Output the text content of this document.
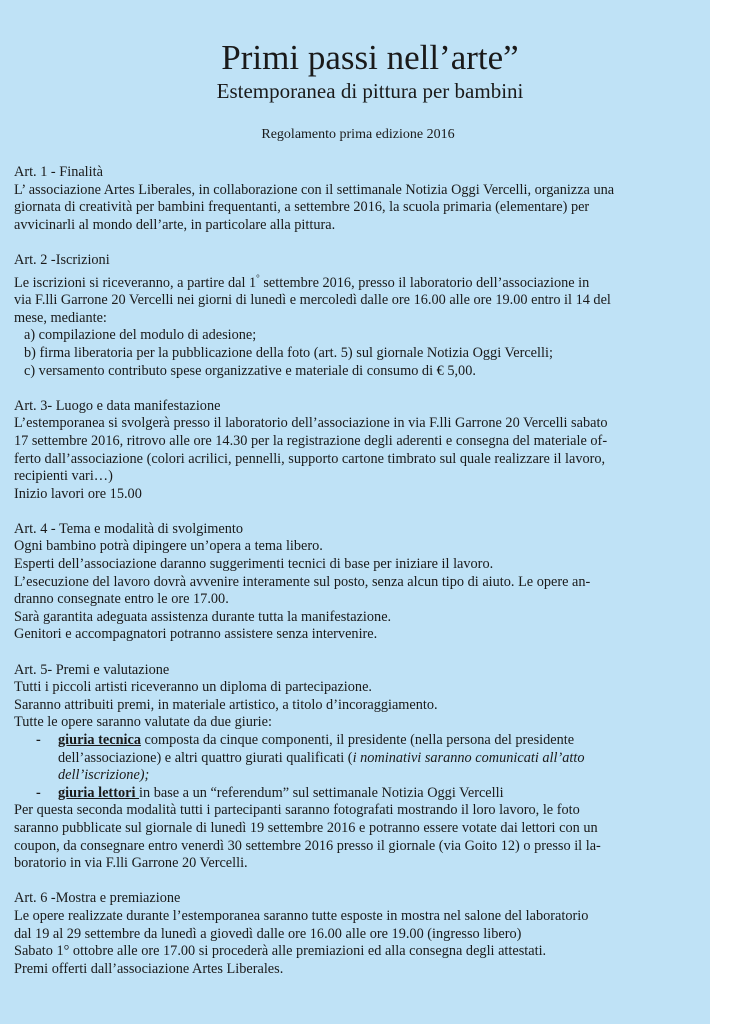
Primi passi nell’arte”
Estemporanea di pittura per bambini
Regolamento prima edizione 2016
Art. 1 - Finalità
L’ associazione Artes Liberales, in collaborazione con il settimanale Notizia Oggi Vercelli, organizza una
giornata di creatività per bambini frequentanti, a settembre 2016, la scuola primaria (elementare) per
avvicinarli al mondo dell’arte, in particolare alla pittura.
Art. 2 -Iscrizioni
Le iscrizioni si riceveranno, a partire dal 1° settembre 2016, presso il laboratorio dell’associazione in
via F.lli Garrone 20 Vercelli nei giorni di lunedì e mercoledì dalle ore 16.00 alle ore 19.00 entro il 14 del
mese, mediante:
a) compilazione del modulo di adesione;
b) firma liberatoria per la pubblicazione della foto (art. 5) sul giornale Notizia Oggi Vercelli;
c) versamento contributo spese organizzative e materiale di consumo di € 5,00.
Art. 3- Luogo e data manifestazione
L’estemporanea si svolgerà presso il laboratorio dell’associazione in via F.lli Garrone 20 Vercelli sabato
17 settembre 2016, ritrovo alle ore 14.30 per la registrazione degli aderenti e consegna del materiale of-
ferto dall’associazione (colori acrilici, pennelli, supporto cartone timbrato sul quale realizzare il lavoro,
recipienti vari…)
Inizio lavori ore 15.00
Art. 4 - Tema e modalità di svolgimento
Ogni bambino potrà dipingere un’opera a tema libero.
Esperti dell’associazione daranno suggerimenti tecnici di base per iniziare il lavoro.
L’esecuzione del lavoro dovrà avvenire interamente sul posto, senza alcun tipo di aiuto. Le opere an-
dranno consegnate entro le ore 17.00.
Sarà garantita adeguata assistenza durante tutta la manifestazione.
Genitori e accompagnatori potranno assistere senza intervenire.
Art. 5- Premi e valutazione
Tutti i piccoli artisti riceveranno un diploma di partecipazione.
Saranno attribuiti premi, in materiale artistico, a titolo d’incoraggiamento.
Tutte le opere saranno valutate da due giurie:
- giuria tecnica composta da cinque componenti, il presidente (nella persona del presidente
dell’associazione) e altri quattro giurati qualificati (i nominativi saranno comunicati all’atto
dell’iscrizione);
- giuria lettori in base a un “referendum” sul settimanale Notizia Oggi Vercelli
Per questa seconda modalità tutti i partecipanti saranno fotografati mostrando il loro lavoro, le foto
saranno pubblicate sul giornale di lunedì 19 settembre 2016 e potranno essere votate dai lettori con un
coupon, da consegnare entro venerdì 30 settembre 2016 presso il giornale (via Goito 12) o presso il la-
boratorio in via F.lli Garrone 20 Vercelli.
Art. 6 -Mostra e premiazione
Le opere realizzate durante l’estemporanea saranno tutte esposte in mostra nel salone del laboratorio
dal 19 al 29 settembre da lunedì a giovedì dalle ore 16.00 alle ore 19.00 (ingresso libero)
Sabato 1° ottobre alle ore 17.00 si procederà alle premiazioni ed alla consegna degli attestati.
Premi offerti dall’associazione Artes Liberales.
